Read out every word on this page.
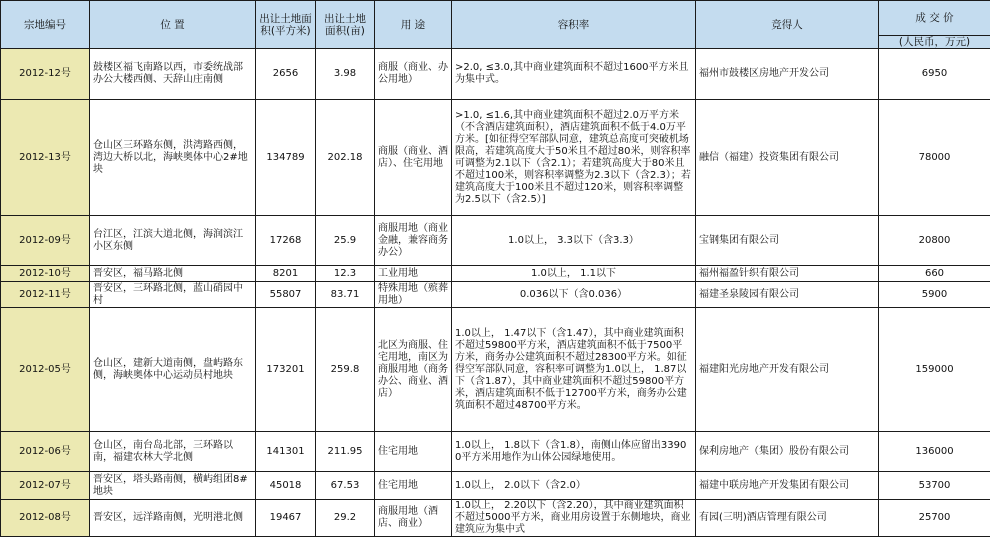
宗地编号	位 置	出让土地面积(平方米)	出让土地面积(亩)	用 途	容积率	竞得人	成 交 价
							(人民币，万元)
2012-12号	鼓楼区福飞南路以西，市委统战部办公大楼西侧、天辞山庄南侧	2656	3.98	商服（商业、办公用地）	>2.0, ≤3.0,其中商业建筑面积不超过1600平方米且为集中式。	福州市鼓楼区房地产开发公司	6950
2012-13号	仓山区三环路东侧，洪湾路西侧，湾边大桥以北，海峡奥体中心2#地块	134789	202.18	商服（商业、酒店）、住宅用地	>1.0, ≤1.6,其中商业建筑面积不超过2.0万平方米（不含酒店建筑面积），酒店建筑面积不低于4.0万平方米。[如征得空军部队同意，建筑总高度可突破机场限高，若建筑高度大于50米且不超过80米，则容积率可调整为2.1以下（含2.1）；若建筑高度大于80米且不超过100米，则容积率调整为2.3以下（含2.3）；若建筑高度大于100米且不超过120米，则容积率调整为2.5以下（含2.5）]	融信（福建）投资集团有限公司	78000
2012-09号	台江区，江滨大道北侧，海润滨江小区东侧	17268	25.9	商服用地（商业金融，兼容商务办公）	1.0以上， 3.3以下（含3.3）	宝钢集团有限公司	20800
2012-10号	晋安区，福马路北侧	8201	12.3	工业用地	1.0以上， 1.1以下	福州福盈针织有限公司	660
2012-11号	晋安区，三环路北侧，蓝山硝园中村	55807	83.71	特殊用地（殡葬用地）	0.036以下（含0.036）	福建圣泉陵园有限公司	5900
2012-05号	仓山区，建新大道南侧，盘屿路东侧，海峡奥体中心运动员村地块	173201	259.8	北区为商服、住宅用地，南区为商服用地（商务办公、商业、酒店）	1.0以上， 1.47以下（含1.47），其中商业建筑面积不超过59800平方米，酒店建筑面积不低于7500平方米，商务办公建筑面积不超过28300平方米。如征得空军部队同意，容积率可调整为1.0以上， 1.87以下（含1.87），其中商业建筑面积不超过59800平方米，酒店建筑面积不低于12700平方米，商务办公建筑面积不超过48700平方米。	福建阳光房地产开发有限公司	159000
2012-06号	仓山区，南台岛北部，三环路以南，福建农林大学北侧	141301	211.95	住宅用地	1.0以上， 1.8以下（含1.8），南侧山体应留出33900平方米用地作为山体公园绿地使用。	保利房地产（集团）股份有限公司	136000
2012-07号	晋安区，塔头路南侧，横屿组团8#地块	45018	67.53	住宅用地	1.0以上， 2.0以下（含2.0）	福建中联房地产开发集团有限公司	53700
2012-08号	晋安区，远洋路南侧，光明港北侧	19467	29.2	商服用地（酒店、商业）	1.0以上， 2.20以下（含2.20），其中商业建筑面积不超过5000平方米，商业用房设置于东侧地块，商业建筑应为集中式	有园(三明)酒店管理有限公司	25700
